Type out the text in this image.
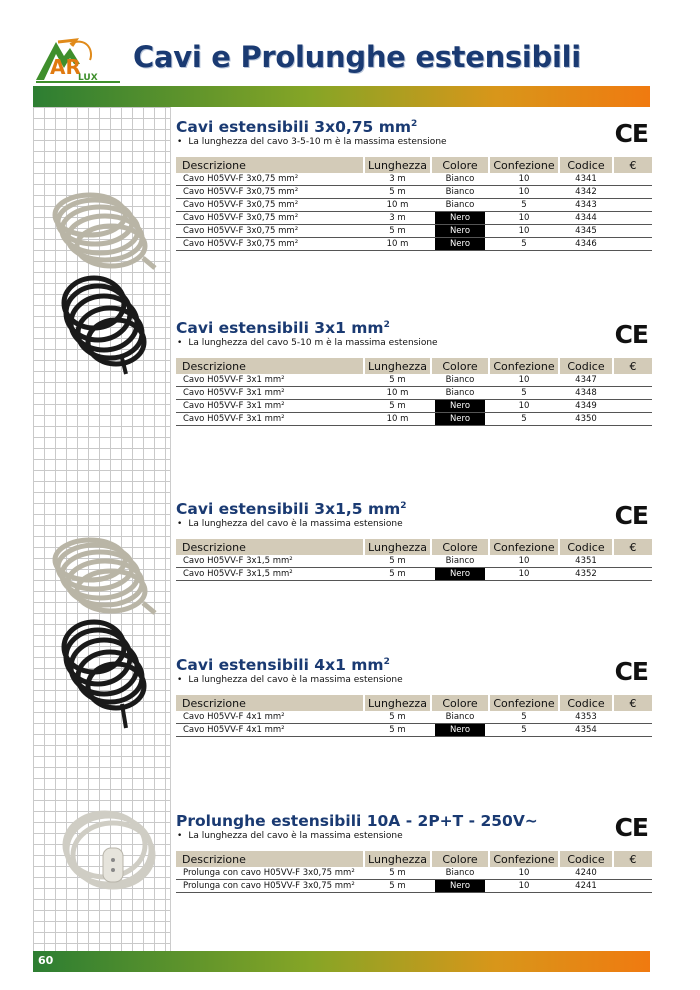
AR
LUX
Cavi e Prolunghe estensibili
Cavi estensibili 3x0,75 $mm^2$
• La lunghezza del cavo 3-5-10 m è la massima estensione	CE
Descrizione	Lunghezza	Colore	Confezione	Codice	€
Cavo H05VV-F 3x0,75 mm²	3 m	Bianco	10	4341	
Cavo H05VV-F 3x0,75 mm²	5 m	Bianco	10	4342	
Cavo H05VV-F 3x0,75 mm²	10 m	Bianco	5	4343	
Cavo H05VV-F 3x0,75 mm²	3 m	Nero	10	4344	
Cavo H05VV-F 3x0,75 mm²	5 m	Nero	10	4345	
Cavo H05VV-F 3x0,75 mm²	10 m	Nero	5	4346	
Cavi estensibili 3x1 $mm^2$
• La lunghezza del cavo 5-10 m è la massima estensione	CE
Descrizione	Lunghezza	Colore	Confezione	Codice	€
Cavo H05VV-F 3x1 mm²	5 m	Bianco	10	4347	
Cavo H05VV-F 3x1 mm²	10 m	Bianco	5	4348	
Cavo H05VV-F 3x1 mm²	5 m	Nero	10	4349	
Cavo H05VV-F 3x1 mm²	10 m	Nero	5	4350	
Cavi estensibili 3x1,5 $mm^2$
• La lunghezza del cavo è la massima estensione	CE
Descrizione	Lunghezza	Colore	Confezione	Codice	€
Cavo H05VV-F 3x1,5 mm²	5 m	Bianco	10	4351	
Cavo H05VV-F 3x1,5 mm²	5 m	Nero	10	4352	
Cavi estensibili 4x1 $mm^2$
• La lunghezza del cavo è la massima estensione	CE
Descrizione	Lunghezza	Colore	Confezione	Codice	€
Cavo H05VV-F 4x1 mm²	5 m	Bianco	5	4353	
Cavo H05VV-F 4x1 mm²	5 m	Nero	5	4354	
Prolunghe estensibili 10A - 2P+T - 250V~
• La lunghezza del cavo è la massima estensione	CE
Descrizione	Lunghezza	Colore	Confezione	Codice	€
Prolunga con cavo H05VV-F 3x0,75 mm²	5 m	Bianco	10	4240	
Prolunga con cavo H05VV-F 3x0,75 mm²	5 m	Nero	10	4241	
60
